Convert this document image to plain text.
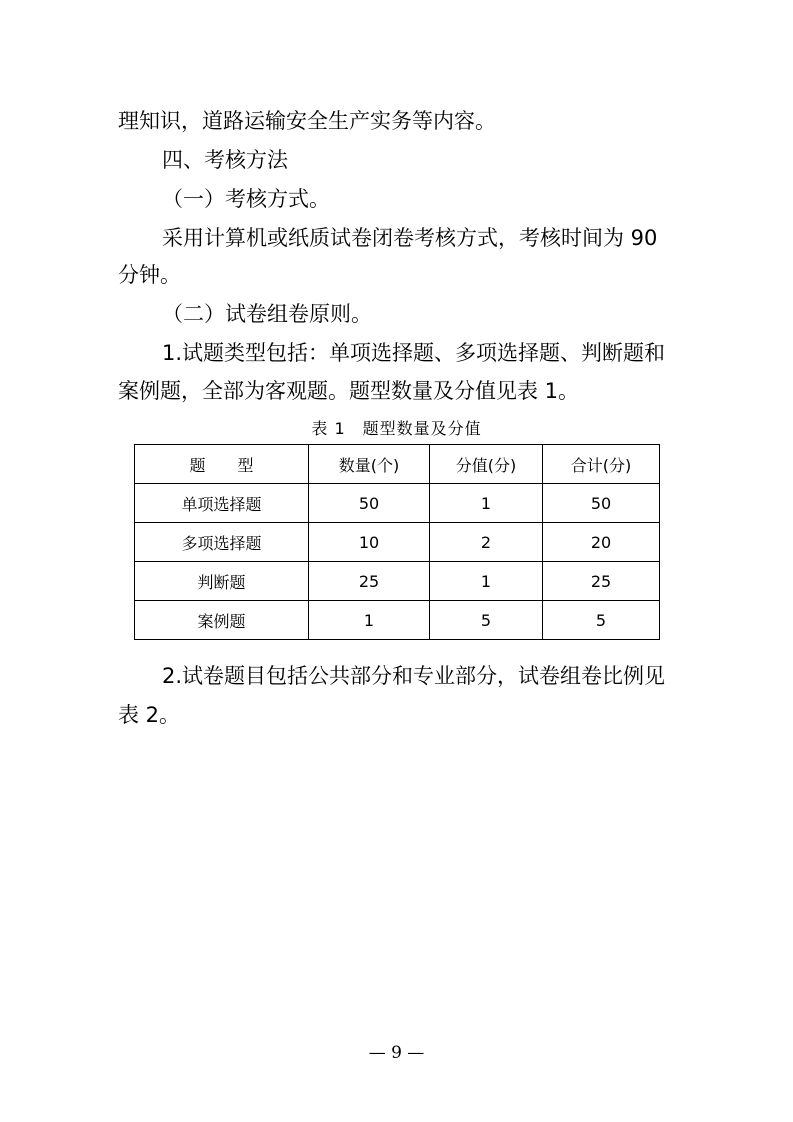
理知识，道路运输安全生产实务等内容。
四、考核方法
（一）考核方式。
采用计算机或纸质试卷闭卷考核方式，考核时间为 90
分钟。
（二）试卷组卷原则。
1.试题类型包括：单项选择题、多项选择题、判断题和
案例题，全部为客观题。题型数量及分值见表 1。
表 1　题型数量及分值
题　　型	数量(个)	分值(分)	合计(分)
单项选择题	50	1	50
多项选择题	10	2	20
判断题	25	1	25
案例题	1	5	5
2.试卷题目包括公共部分和专业部分，试卷组卷比例见
表 2。
— 9 —
